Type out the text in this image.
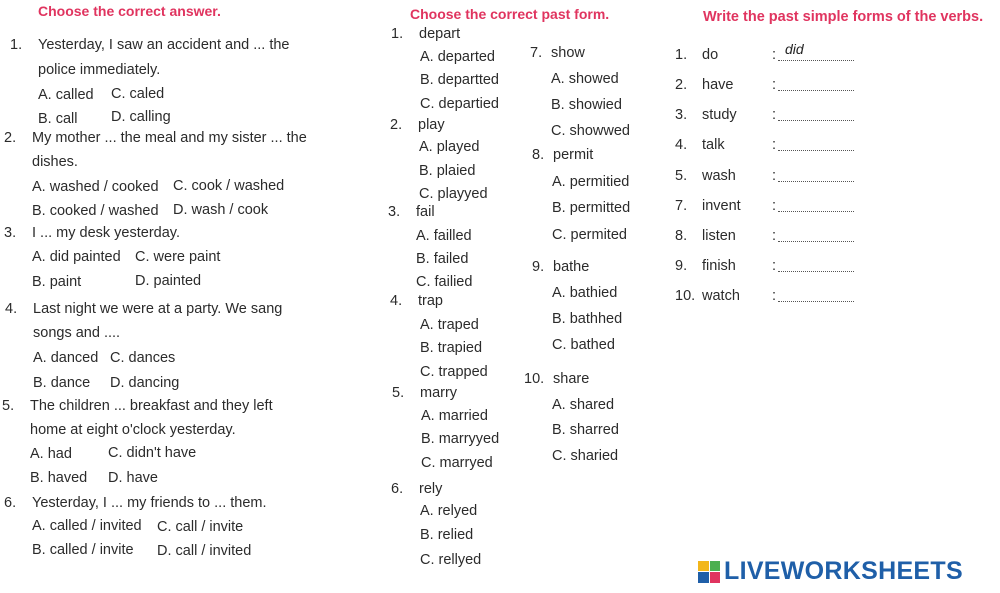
Choose the correct answer.
1. Yesterday, I saw an accident and ... the
police immediately.
A. called C. caled
B. call D. calling
2. My mother ... the meal and my sister ... the
dishes.
A. washed / cooked C. cook / washed
B. cooked / washed D. wash / cook
3. I ... my desk yesterday.
A. did painted C. were paint
B. paint	D. painted
4. Last night we were at a party. We sang
songs and ....
A. danced C. dances
B. dance D. dancing
5. The children ... breakfast and they left
home at eight o'clock yesterday.
A. had C. didn't have
B. haved D. have
6. Yesterday, I ... my friends to ... them.
A. called / invited C. call / invite
B. called / invite D. call / invited
Choose the correct past form.
1. depart
A. departed
B. departted
C. departied
2. play
A. played
B. plaied
C. playyed
3. fail
A. failled
B. failed
C. failied
4. trap
A. traped
B. trapied
C. trapped
5. marry
A. married
B. marryyed
C. marryed
6. rely
A. relyed
B. relied
C. rellyed
7. show
A. showed
B. showied
C. showwed
8. permit
A. permitied
B. permitted
C. permited
9. bathe
A. bathied
B. bathhed
C. bathed
10. share
A. shared
B. sharred
C. sharied
Write the past simple forms of the verbs.
1. do	: did
2. have	:
3. study :
4. talk	:
5. wash :
7. invent :
8. listen :
9. finish :
10. watch :
LIVEWORKSHEETS
